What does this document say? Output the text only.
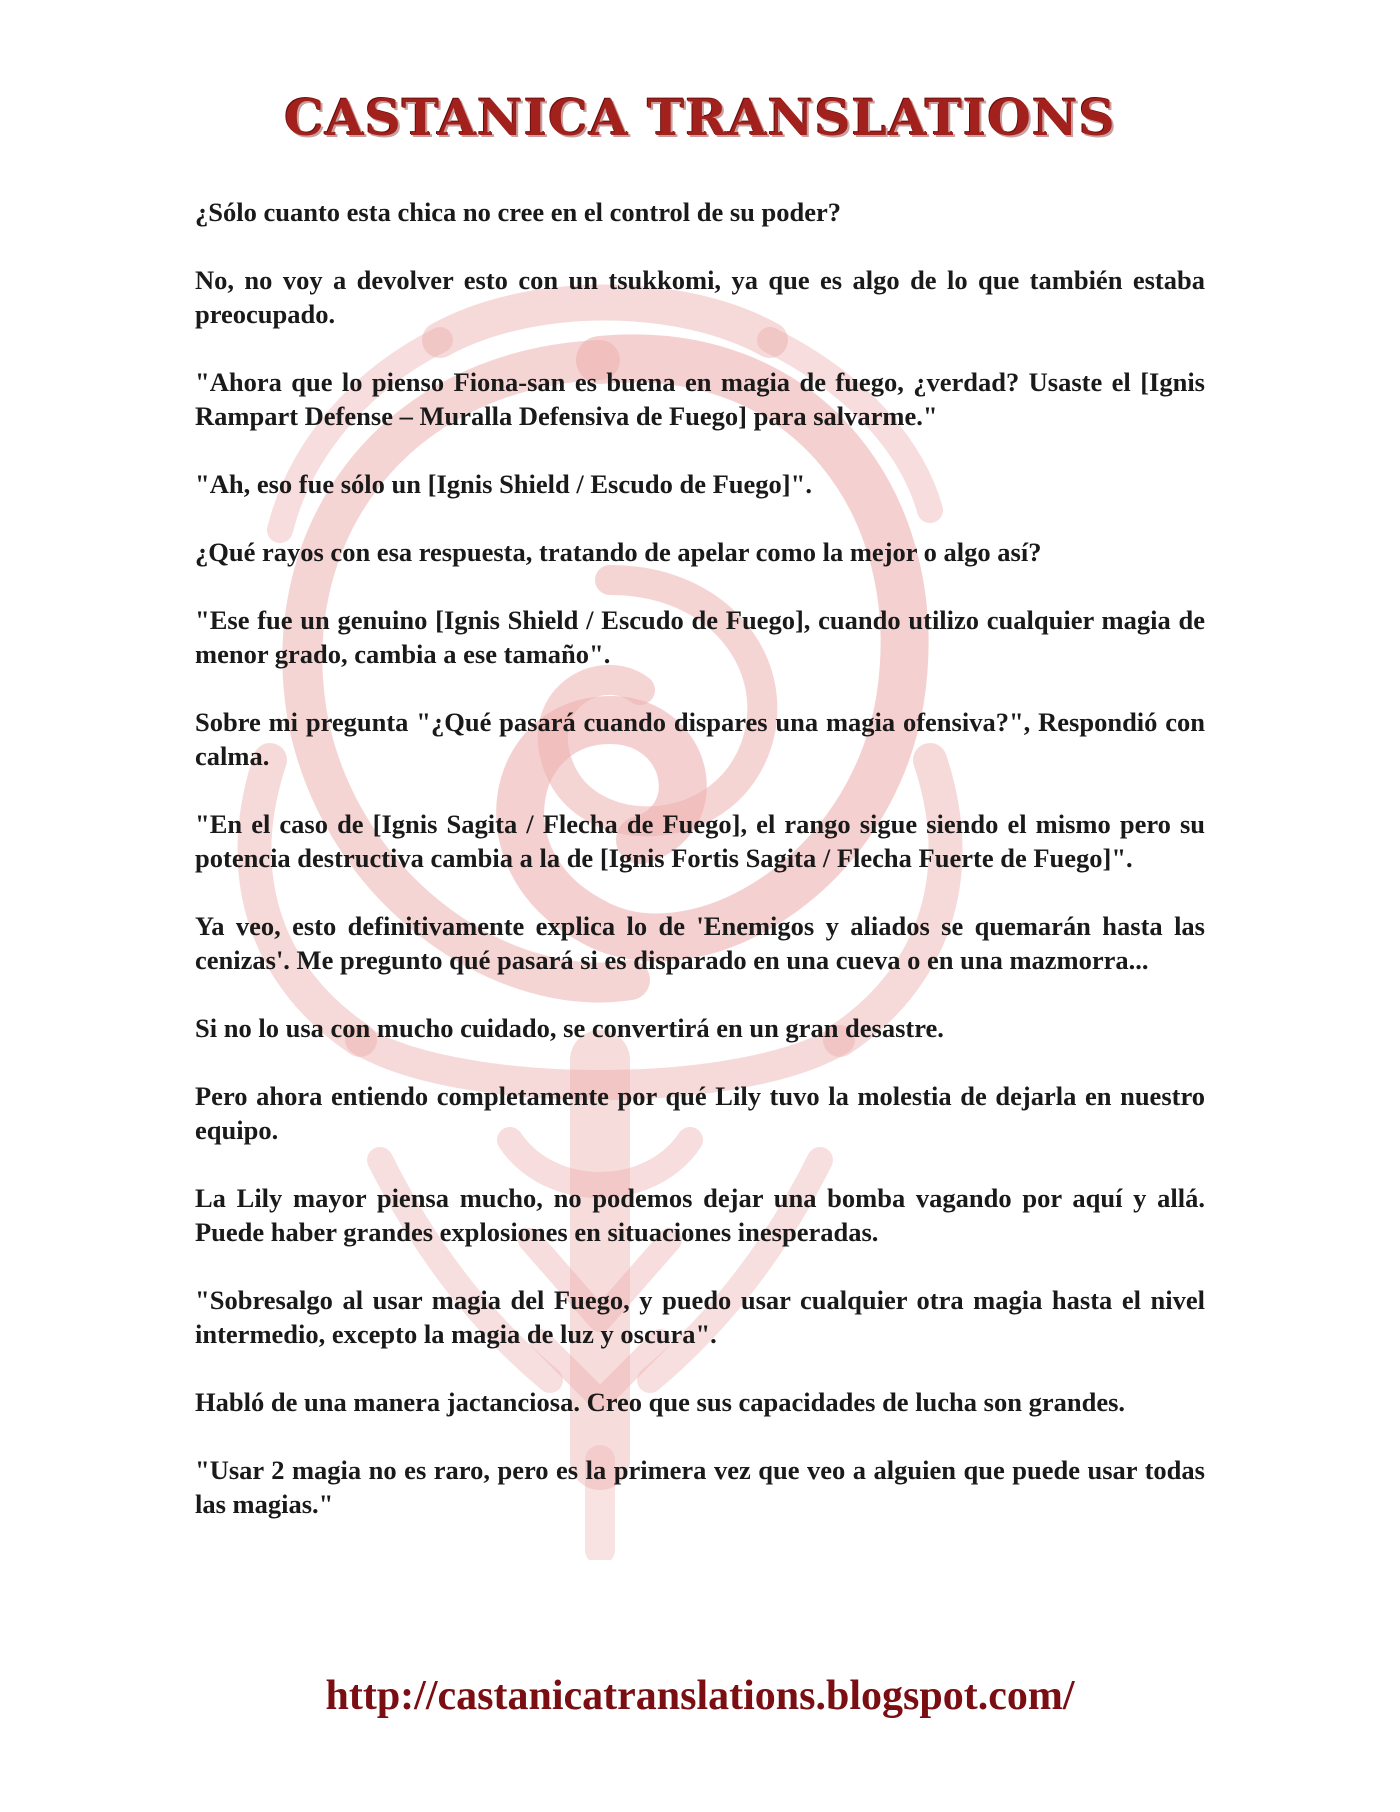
CASTANICA TRANSLATIONS

¿Sólo cuanto esta chica no cree en el control de su poder?

No, no voy a devolver esto con un tsukkomi, ya que es algo de lo que también estaba preocupado.

"Ahora que lo pienso Fiona-san es buena en magia de fuego, ¿verdad? Usaste el [Ignis Rampart Defense – Muralla Defensiva de Fuego] para salvarme."

"Ah, eso fue sólo un [Ignis Shield / Escudo de Fuego]".

¿Qué rayos con esa respuesta, tratando de apelar como la mejor o algo así?

"Ese fue un genuino [Ignis Shield / Escudo de Fuego], cuando utilizo cualquier magia de menor grado, cambia a ese tamaño".

Sobre mi pregunta "¿Qué pasará cuando dispares una magia ofensiva?", Respondió con calma.

"En el caso de [Ignis Sagita / Flecha de Fuego], el rango sigue siendo el mismo pero su potencia destructiva cambia a la de [Ignis Fortis Sagita / Flecha Fuerte de Fuego]".

Ya veo, esto definitivamente explica lo de 'Enemigos y aliados se quemarán hasta las cenizas'. Me pregunto qué pasará si es disparado en una cueva o en una mazmorra...

Si no lo usa con mucho cuidado, se convertirá en un gran desastre.

Pero ahora entiendo completamente por qué Lily tuvo la molestia de dejarla en nuestro equipo.

La Lily mayor piensa mucho, no podemos dejar una bomba vagando por aquí y allá. Puede haber grandes explosiones en situaciones inesperadas.

"Sobresalgo al usar magia del Fuego, y puedo usar cualquier otra magia hasta el nivel intermedio, excepto la magia de luz y oscura".

Habló de una manera jactanciosa. Creo que sus capacidades de lucha son grandes.

"Usar 2 magia no es raro, pero es la primera vez que veo a alguien que puede usar todas las magias."

http://castanicatranslations.blogspot.com/
